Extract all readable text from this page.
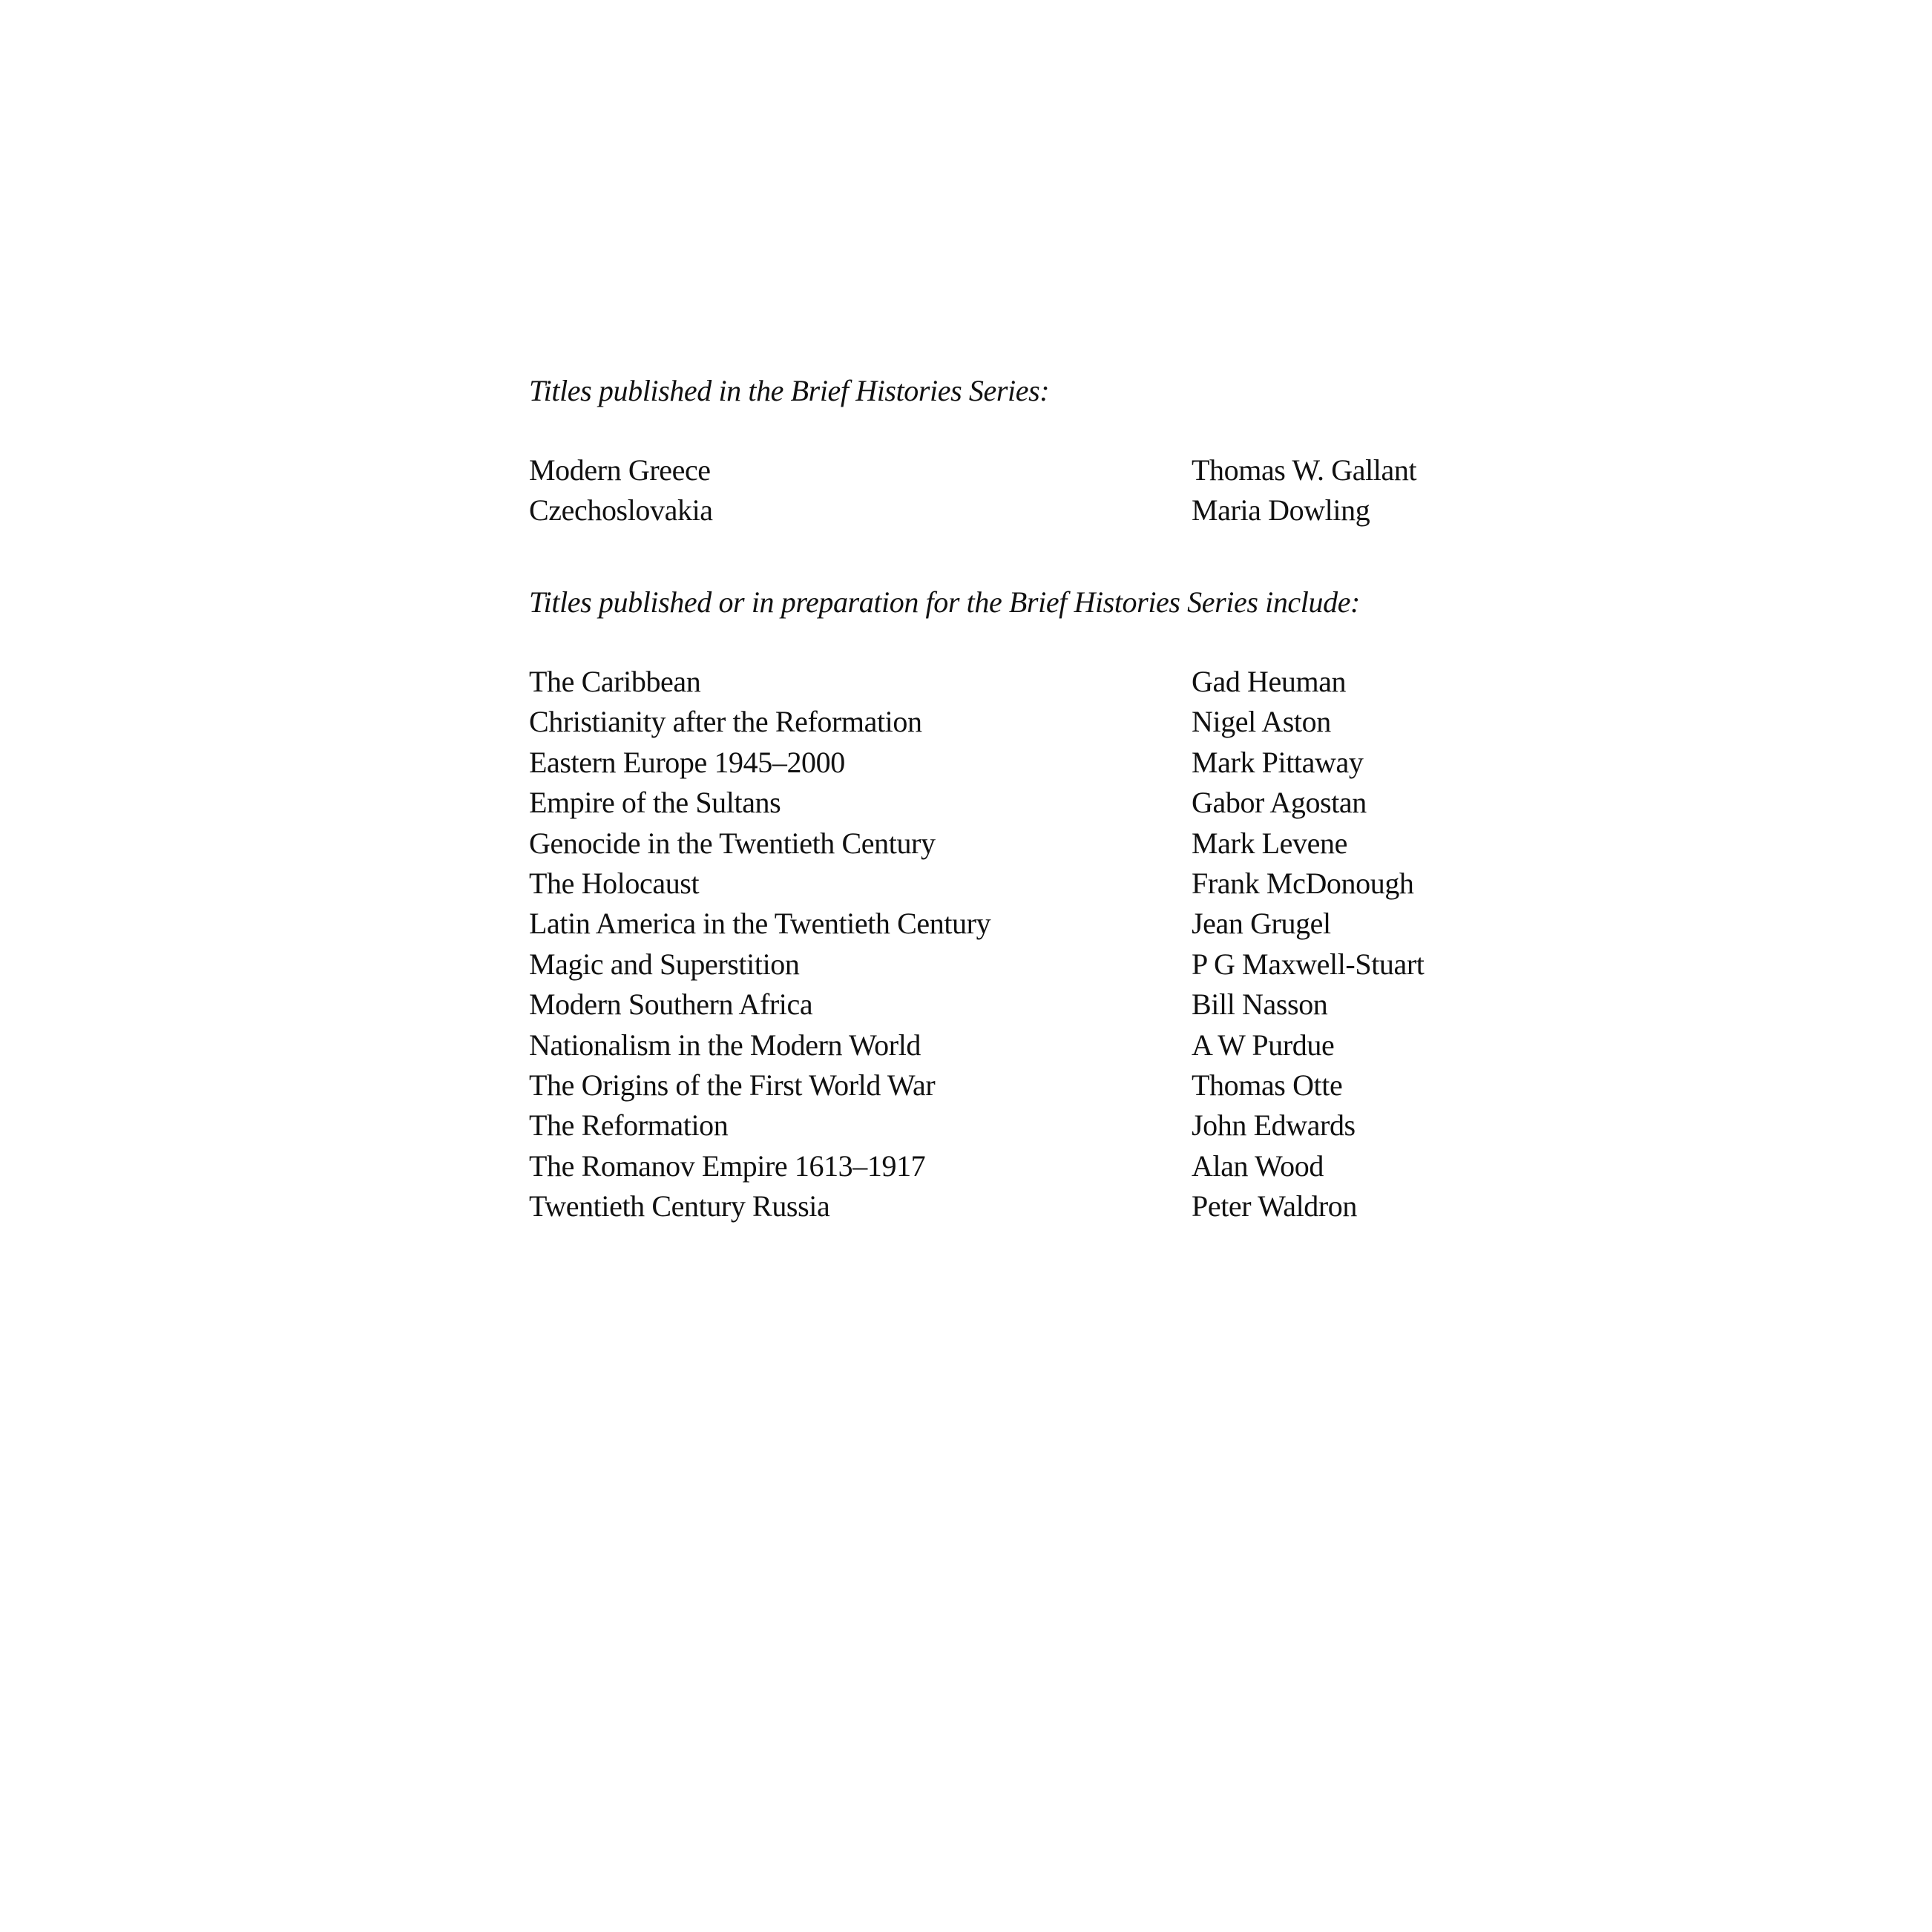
Titles published in the Brief Histories Series:
Modern Greece	Thomas W. Gallant
Czechoslovakia	Maria Dowling
Titles published or in preparation for the Brief Histories Series include:
The Caribbean	Gad Heuman
Christianity after the Reformation	Nigel Aston
Eastern Europe 1945–2000	Mark Pittaway
Empire of the Sultans	Gabor Agostan
Genocide in the Twentieth Century	Mark Levene
The Holocaust	Frank McDonough
Latin America in the Twentieth Century	Jean Grugel
Magic and Superstition	P G Maxwell-Stuart
Modern Southern Africa	Bill Nasson
Nationalism in the Modern World	A W Purdue
The Origins of the First World War	Thomas Otte
The Reformation	John Edwards
The Romanov Empire 1613–1917	Alan Wood
Twentieth Century Russia	Peter Waldron
